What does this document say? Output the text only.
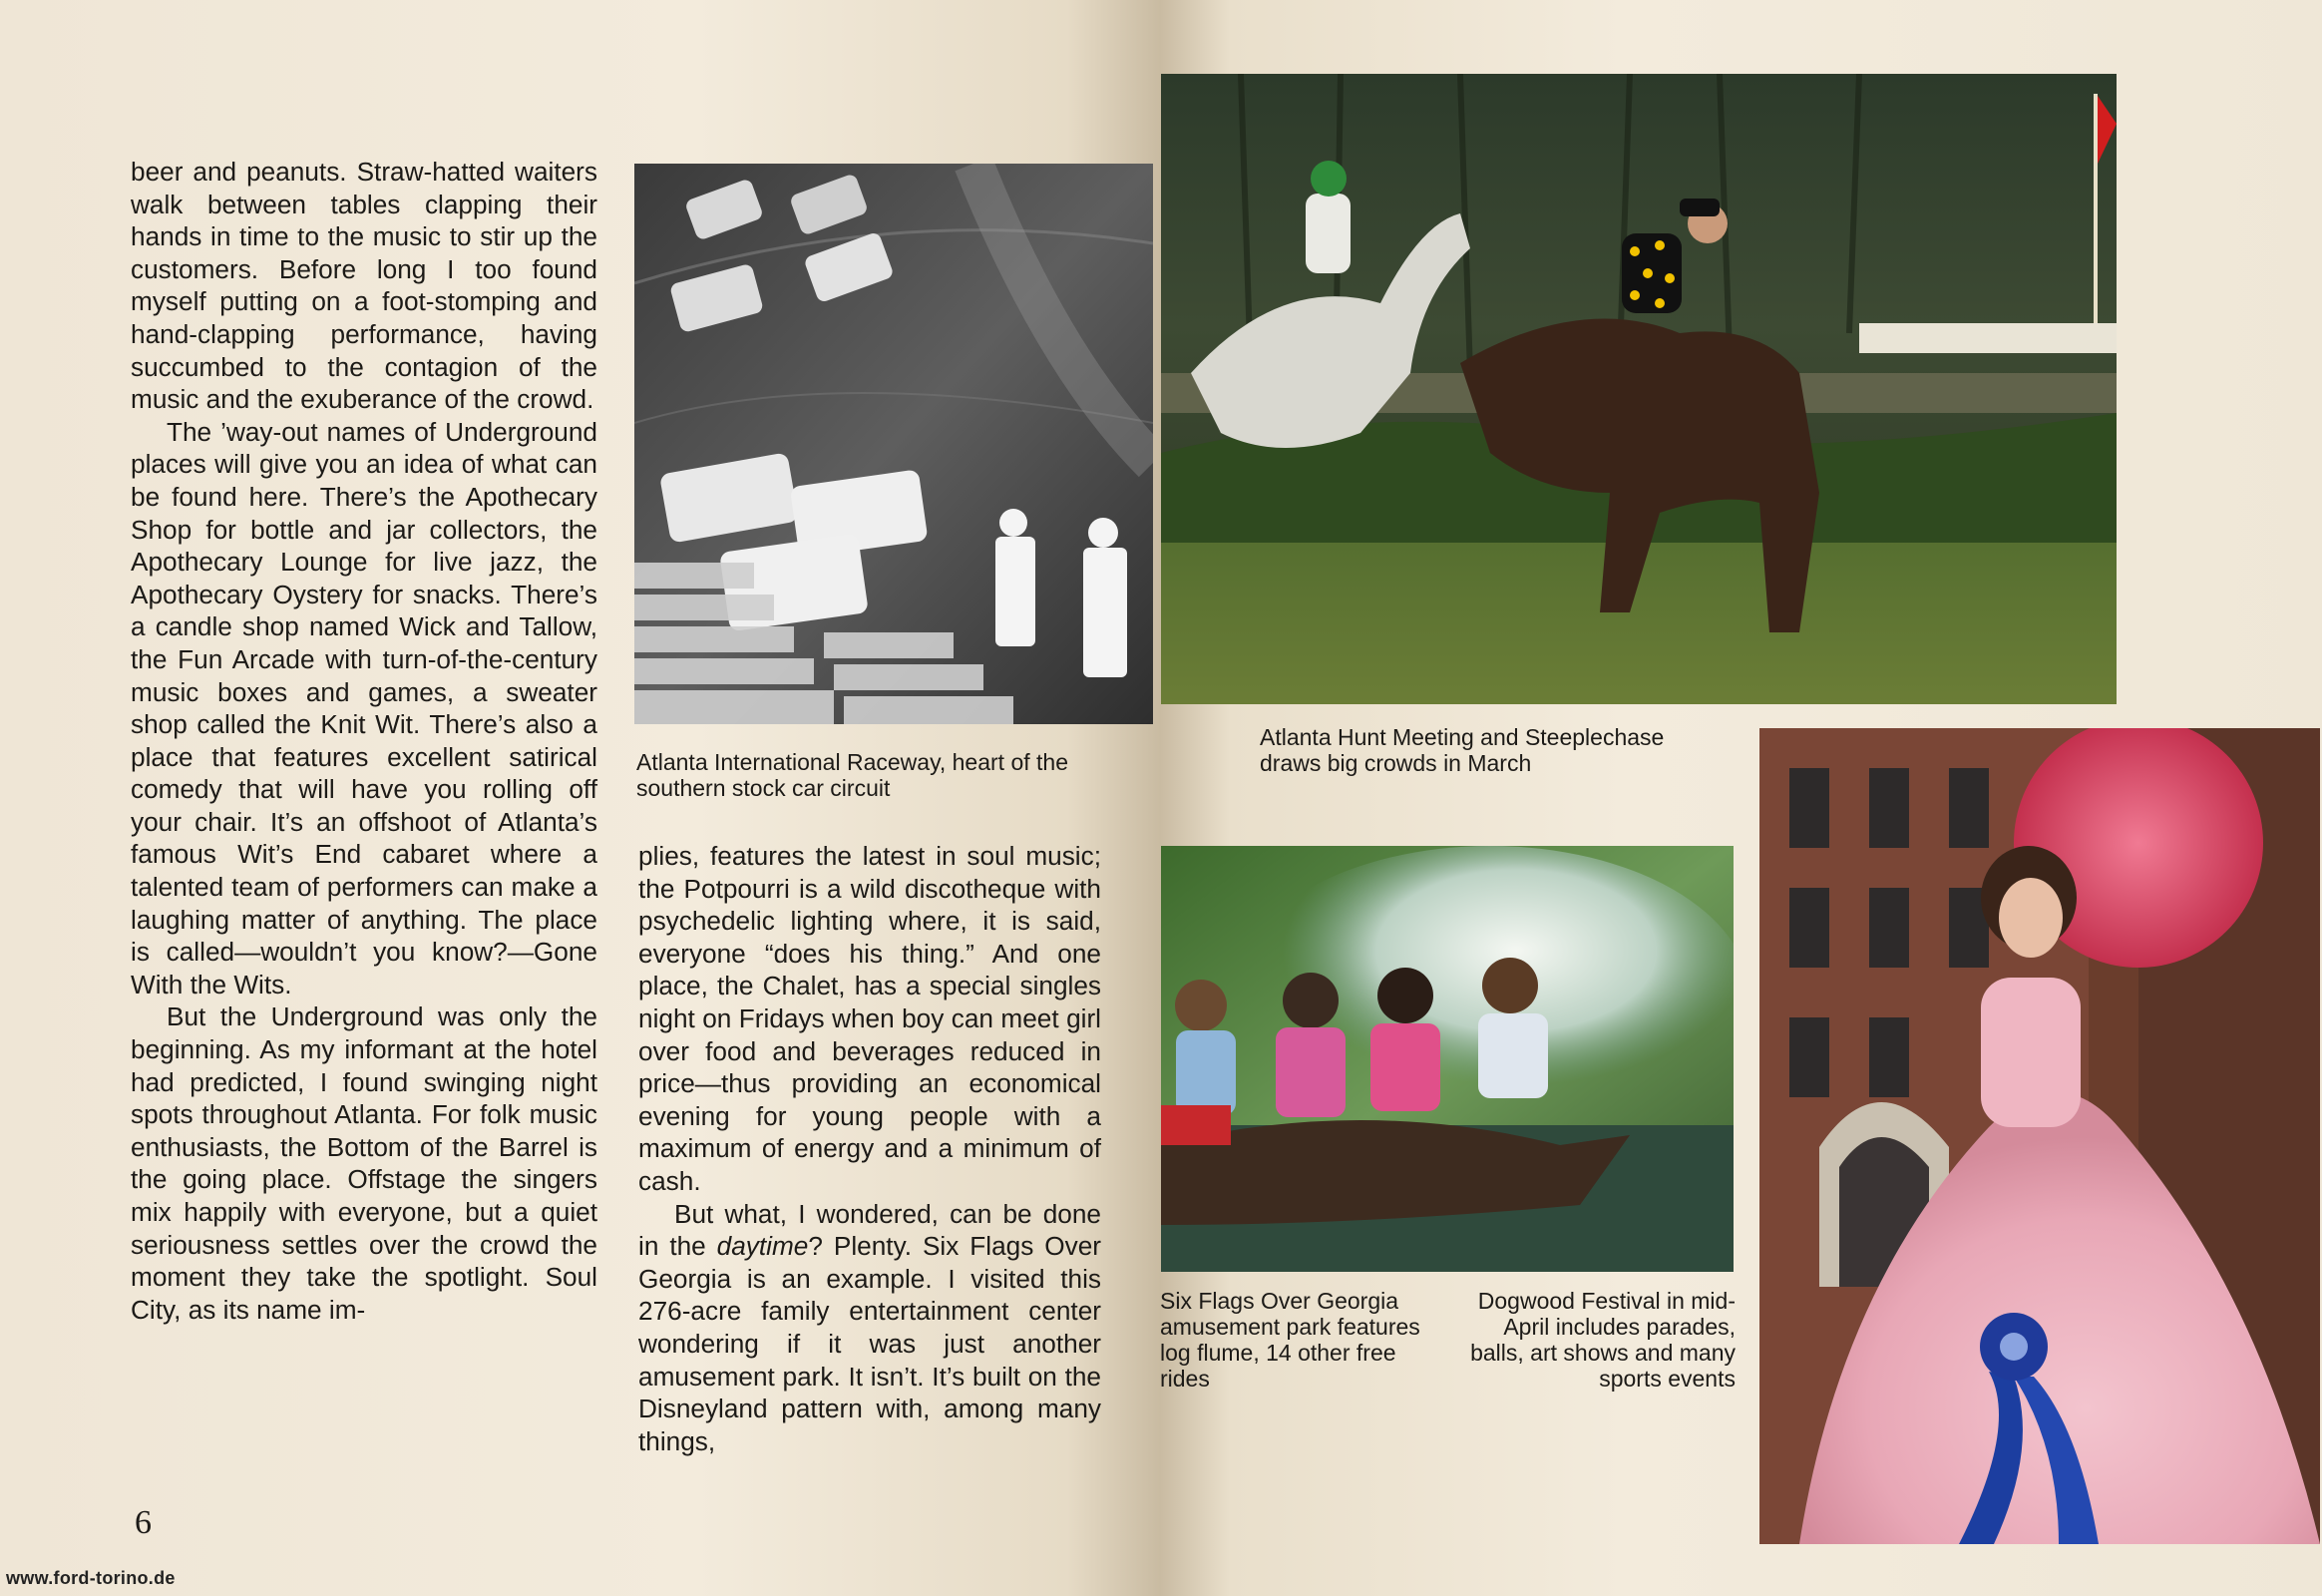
beer and peanuts. Straw-hatted waiters walk between tables clapping their hands in time to the music to stir up the customers. Before long I too found myself putting on a foot-stomping and hand-clapping performance, having succumbed to the contagion of the music and the exuberance of the crowd.

The ’way-out names of Underground places will give you an idea of what can be found here. There’s the Apothecary Shop for bottle and jar collectors, the Apothecary Lounge for live jazz, the Apothecary Oystery for snacks. There’s a candle shop named Wick and Tallow, the Fun Arcade with turn-of-the-century music boxes and games, a sweater shop called the Knit Wit. There’s also a place that features excellent satirical comedy that will have you rolling off your chair. It’s an offshoot of Atlanta’s famous Wit’s End cabaret where a talented team of performers can make a laughing matter of anything. The place is called—wouldn’t you know?—Gone With the Wits.

But the Underground was only the beginning. As my informant at the hotel had predicted, I found swinging night spots throughout Atlanta. For folk music enthusiasts, the Bottom of the Barrel is the going place. Offstage the singers mix happily with everyone, but a quiet seriousness settles over the crowd the moment they take the spotlight. Soul City, as its name im-

Atlanta International Raceway, heart of the southern stock car circuit

plies, features the latest in soul music; the Potpourri is a wild discotheque with psychedelic lighting where, it is said, everyone “does his thing.” And one place, the Chalet, has a special singles night on Fridays when boy can meet girl over food and beverages reduced in price—thus providing an economical evening for young people with a maximum of energy and a minimum of cash.

But what, I wondered, can be done in the daytime? Plenty. Six Flags Over Georgia is an example. I visited this 276-acre family entertainment center wondering if it was just another amusement park. It isn’t. It’s built on the Disneyland pattern with, among many things,

6
Atlanta Hunt Meeting and Steeplechase draws big crowds in March
Six Flags Over Georgia amusement park features log flume, 14 other free rides
Dogwood Festival in mid-April includes parades, balls, art shows and many sports events
www.ford-torino.de
